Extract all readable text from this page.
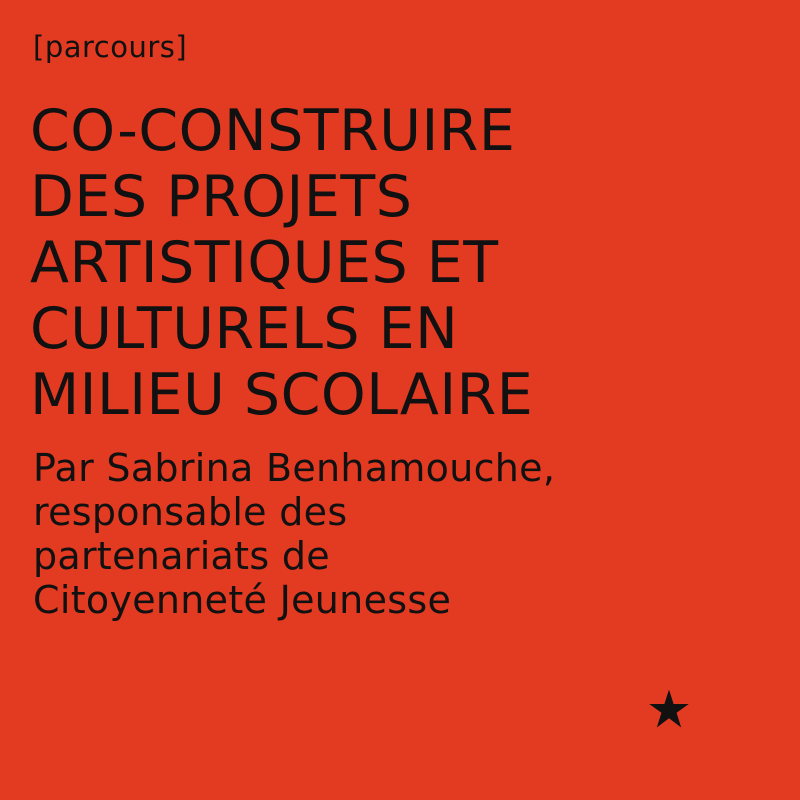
[parcours]
CO-CONSTRUIRE
DES PROJETS
ARTISTIQUES ET
CULTURELS EN
MILIEU SCOLAIRE

Par Sabrina Benhamouche,
responsable des
partenariats de
Citoyenneté Jeunesse
